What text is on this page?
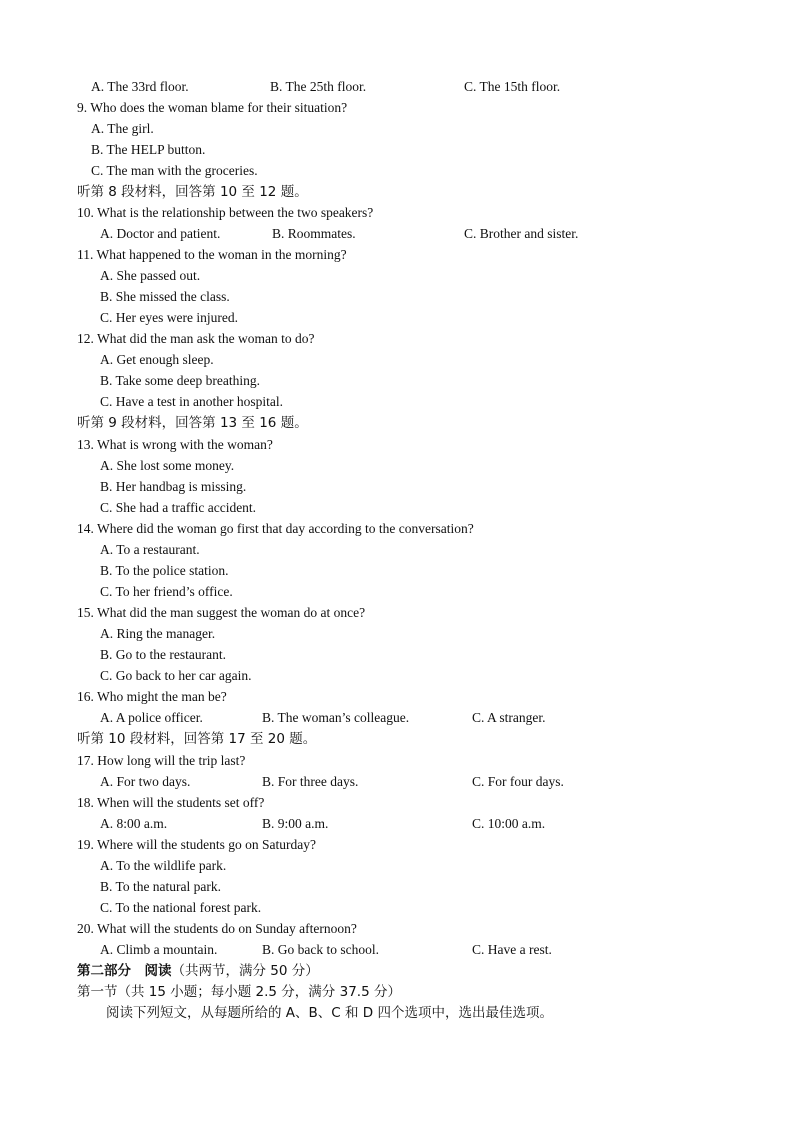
A. The 33rd floor.	B. The 25th floor.	C. The 15th floor.
9. Who does the woman blame for their situation?
A. The girl.
B. The HELP button.
C. The man with the groceries.
听第 8 段材料，回答第 10 至 12 题。
10. What is the relationship between the two speakers?
A. Doctor and patient.	B. Roommates.	C. Brother and sister.
11. What happened to the woman in the morning?
A. She passed out.
B. She missed the class.
C. Her eyes were injured.
12. What did the man ask the woman to do?
A. Get enough sleep.
B. Take some deep breathing.
C. Have a test in another hospital.
听第 9 段材料，回答第 13 至 16 题。
13. What is wrong with the woman?
A. She lost some money.
B. Her handbag is missing.
C. She had a traffic accident.
14. Where did the woman go first that day according to the conversation?
A. To a restaurant.
B. To the police station.
C. To her friend’s office.
15. What did the man suggest the woman do at once?
A. Ring the manager.
B. Go to the restaurant.
C. Go back to her car again.
16. Who might the man be?
A. A police officer.	B. The woman’s colleague.	C. A stranger.
听第 10 段材料，回答第 17 至 20 题。
17. How long will the trip last?
A. For two days.	B. For three days.	C. For four days.
18. When will the students set off?
A. 8:00 a.m.	B. 9:00 a.m.	C. 10:00 a.m.
19. Where will the students go on Saturday?
A. To the wildlife park.
B. To the natural park.
C. To the national forest park.
20. What will the students do on Sunday afternoon?
A. Climb a mountain.	B. Go back to school.	C. Have a rest.
第二部分　阅读（共两节，满分 50 分）
第一节（共 15 小题；每小题 2.5 分，满分 37.5 分）
阅读下列短文，从每题所给的 A、B、C 和 D 四个选项中，选出最佳选项。
